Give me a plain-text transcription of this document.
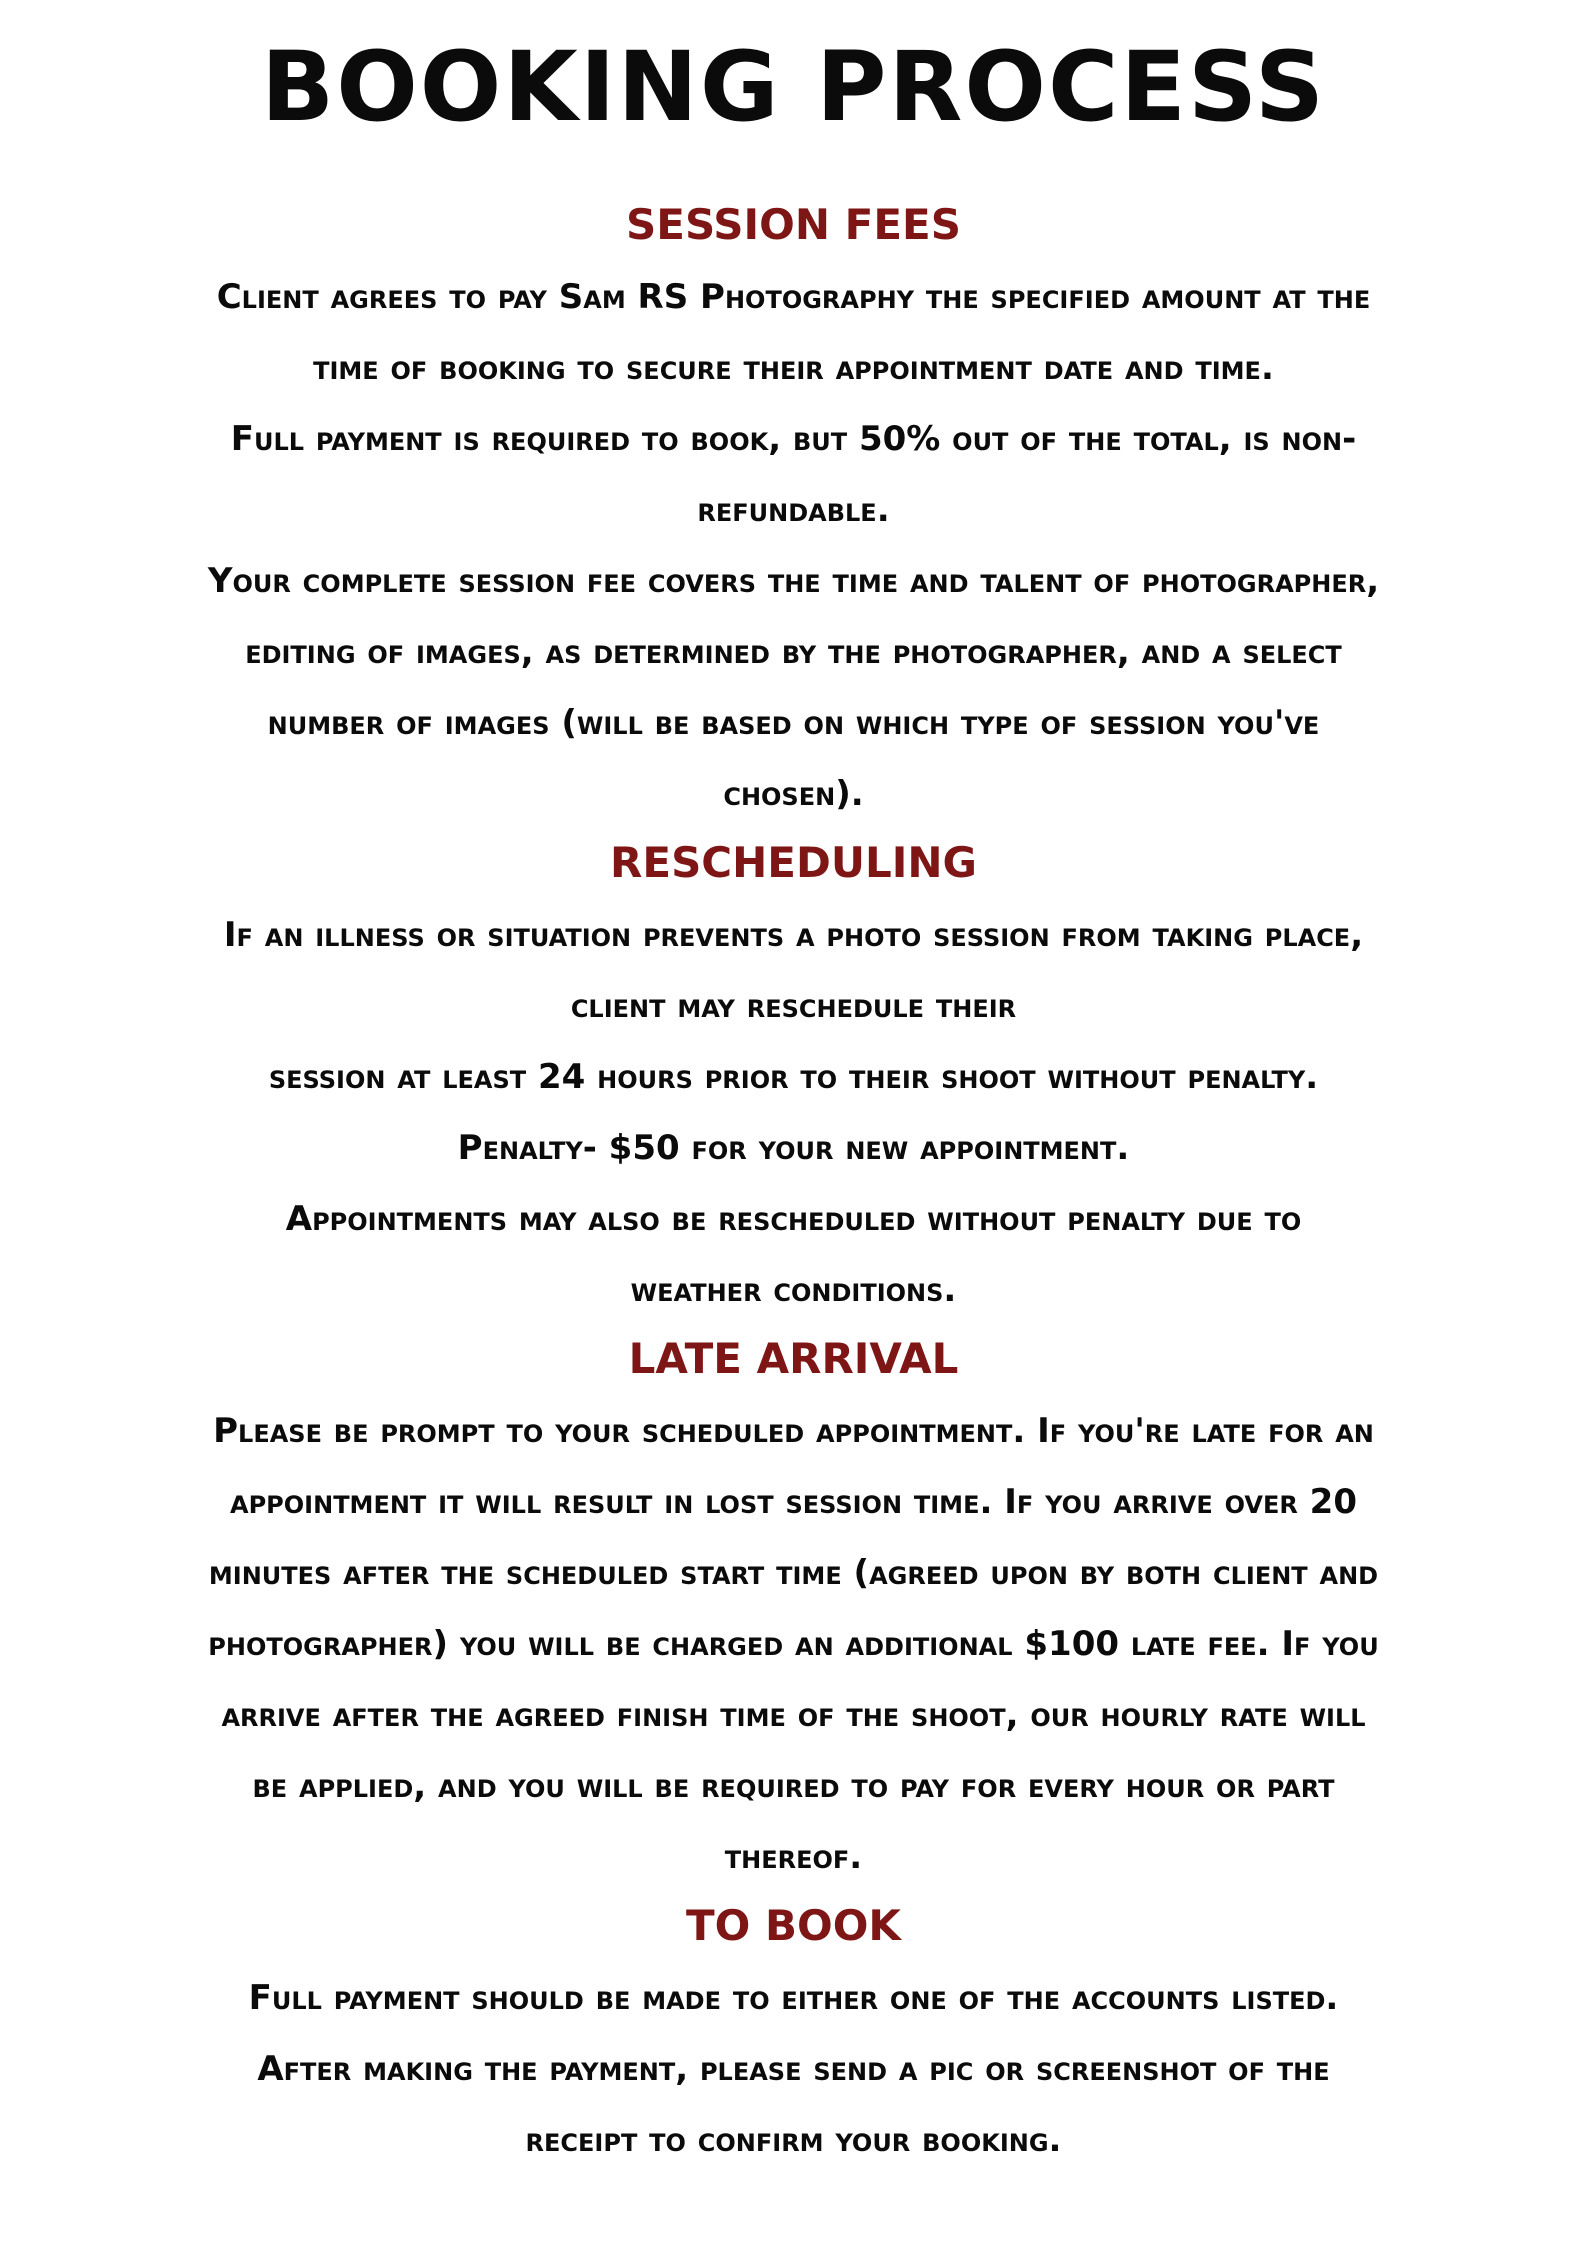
BOOKING PROCESS
SESSION FEES

Client agrees to pay Sam RS Photography the specified amount at the

time of booking to secure their appointment date and time.

Full payment is required to book, but 50% out of the total, is non-

refundable.

Your complete session fee covers the time and talent of photographer,

editing of images, as determined by the photographer, and a select

number of images (will be based on which type of session you've

chosen).

RESCHEDULING

If an illness or situation prevents a photo session from taking place,

client may reschedule their

session at least 24 hours prior to their shoot without penalty.

Penalty- $50 for your new appointment.

Appointments may also be rescheduled without penalty due to

weather conditions.

LATE ARRIVAL

Please be prompt to your scheduled appointment. If you're late for an

appointment it will result in lost session time. If you arrive over 20

minutes after the scheduled start time (agreed upon by both client and

photographer) you will be charged an additional $100 late fee. If you

arrive after the agreed finish time of the shoot, our hourly rate will

be applied, and you will be required to pay for every hour or part

thereof.

TO BOOK

Full payment should be made to either one of the accounts listed.

After making the payment, please send a pic or screenshot of the

receipt to confirm your booking.
